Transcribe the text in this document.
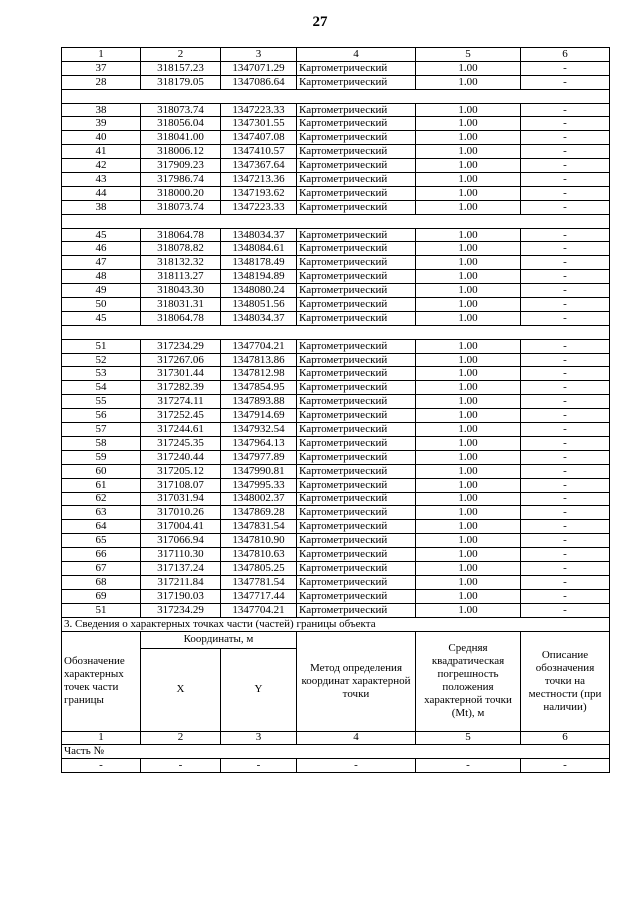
27
1	2	3	4	5	6
37	318157.23	1347071.29	Картометрический	1.00	-
28	318179.05	1347086.64	Картометрический	1.00	-

38	318073.74	1347223.33	Картометрический	1.00	-
39	318056.04	1347301.55	Картометрический	1.00	-
40	318041.00	1347407.08	Картометрический	1.00	-
41	318006.12	1347410.57	Картометрический	1.00	-
42	317909.23	1347367.64	Картометрический	1.00	-
43	317986.74	1347213.36	Картометрический	1.00	-
44	318000.20	1347193.62	Картометрический	1.00	-
38	318073.74	1347223.33	Картометрический	1.00	-

45	318064.78	1348034.37	Картометрический	1.00	-
46	318078.82	1348084.61	Картометрический	1.00	-
47	318132.32	1348178.49	Картометрический	1.00	-
48	318113.27	1348194.89	Картометрический	1.00	-
49	318043.30	1348080.24	Картометрический	1.00	-
50	318031.31	1348051.56	Картометрический	1.00	-
45	318064.78	1348034.37	Картометрический	1.00	-

51	317234.29	1347704.21	Картометрический	1.00	-
52	317267.06	1347813.86	Картометрический	1.00	-
53	317301.44	1347812.98	Картометрический	1.00	-
54	317282.39	1347854.95	Картометрический	1.00	-
55	317274.11	1347893.88	Картометрический	1.00	-
56	317252.45	1347914.69	Картометрический	1.00	-
57	317244.61	1347932.54	Картометрический	1.00	-
58	317245.35	1347964.13	Картометрический	1.00	-
59	317240.44	1347977.89	Картометрический	1.00	-
60	317205.12	1347990.81	Картометрический	1.00	-
61	317108.07	1347995.33	Картометрический	1.00	-
62	317031.94	1348002.37	Картометрический	1.00	-
63	317010.26	1347869.28	Картометрический	1.00	-
64	317004.41	1347831.54	Картометрический	1.00	-
65	317066.94	1347810.90	Картометрический	1.00	-
66	317110.30	1347810.63	Картометрический	1.00	-
67	317137.24	1347805.25	Картометрический	1.00	-
68	317211.84	1347781.54	Картометрический	1.00	-
69	317190.03	1347717.44	Картометрический	1.00	-
51	317234.29	1347704.21	Картометрический	1.00	-
3. Сведения о характерных точках части (частей) границы объекта					
Обозначение характерных точек части границы	Координаты, м		Метод определения координат характерной точки	Средняя квадратическая погрешность положения характерной точки (Mt), м	Описание обозначения точки на местности (при наличии)
	X	Y			
1	2	3	4	5	6
Часть №					
-	-	-	-	-	-
